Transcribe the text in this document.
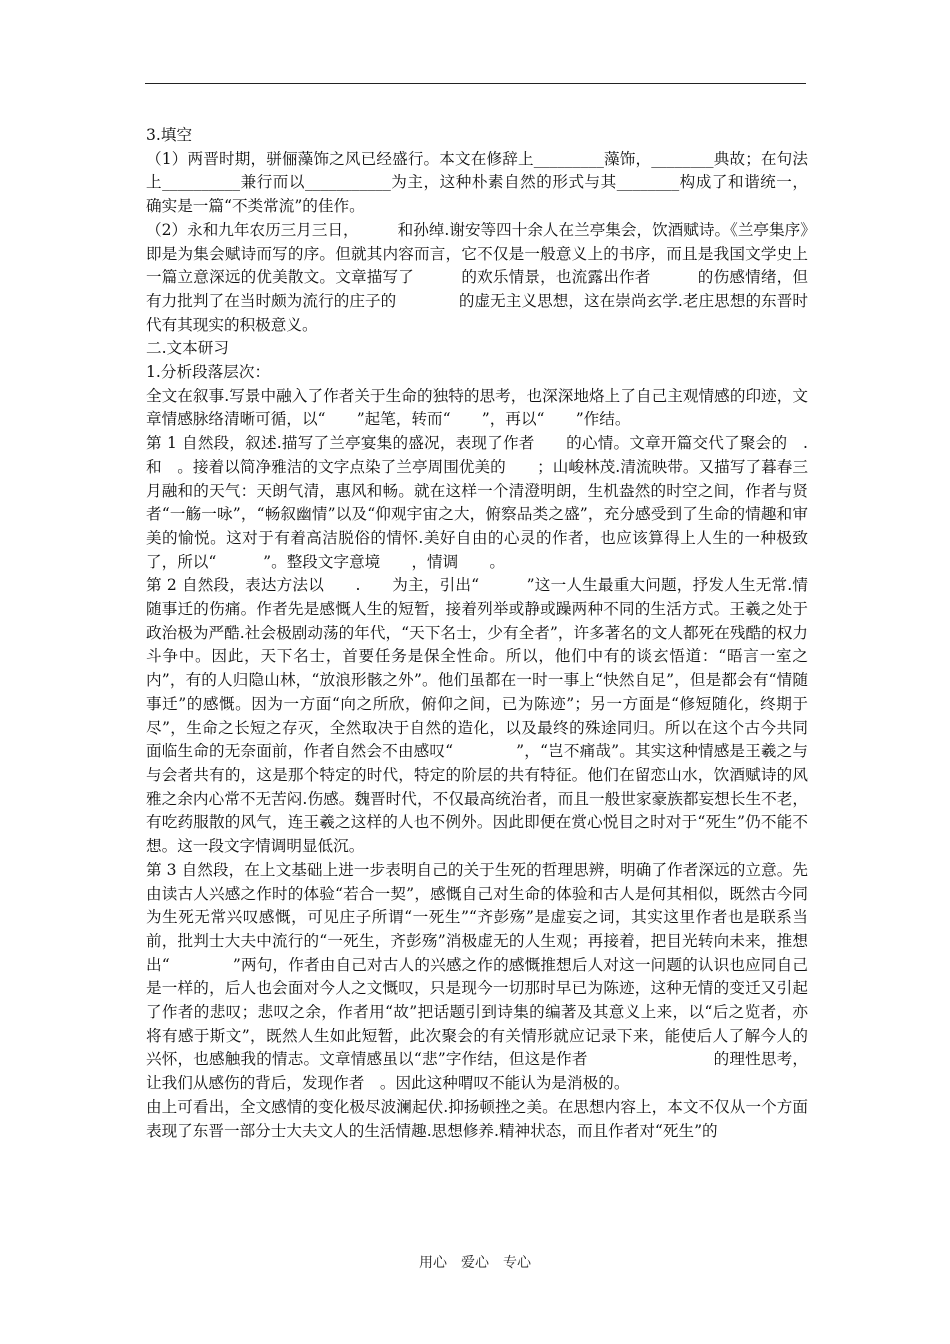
3.填空

（1）两晋时期，骈俪藻饰之风已经盛行。本文在修辞上_________藻饰，________典故；在句法上__________兼行而以___________为主，这种朴素自然的形式与其________构成了和谐统一，确实是一篇“不类常流”的佳作。

（2）永和九年农历三月三日，　　　和孙绰.谢安等四十余人在兰亭集会，饮酒赋诗。《兰亭集序》即是为集会赋诗而写的序。但就其内容而言，它不仅是一般意义上的书序，而且是我国文学史上一篇立意深远的优美散文。文章描写了　　　的欢乐情景，也流露出作者　　　的伤感情绪，但有力批判了在当时颇为流行的庄子的　　　　的虚无主义思想，这在崇尚玄学.老庄思想的东晋时代有其现实的积极意义。

二.文本研习

1.分析段落层次：

全文在叙事.写景中融入了作者关于生命的独特的思考，也深深地烙上了自己主观情感的印迹，文章情感脉络清晰可循，以“　　”起笔，转而“　　”，再以“　　”作结。

第 1 自然段，叙述.描写了兰亭宴集的盛况，表现了作者　　的心情。文章开篇交代了聚会的　.　和　。接着以简净雅洁的文字点染了兰亭周围优美的　　；山峻林茂.清流映带。又描写了暮春三月融和的天气：天朗气清，惠风和畅。就在这样一个清澄明朗，生机盎然的时空之间，作者与贤者“一觞一咏”，“畅叙幽情”以及“仰观宇宙之大，俯察品类之盛”，充分感受到了生命的情趣和审美的愉悦。这对于有着高洁脱俗的情怀.美好自由的心灵的作者，也应该算得上人生的一种极致了，所以“　　　”。整段文字意境　　，情调　　。

第 2 自然段，表达方法以　　.　　为主，引出“　　　”这一人生最重大问题，抒发人生无常.情随事迁的伤痛。作者先是感慨人生的短暂，接着列举或静或躁两种不同的生活方式。王羲之处于政治极为严酷.社会极剧动荡的年代，“天下名士，少有全者”，许多著名的文人都死在残酷的权力斗争中。因此，天下名士，首要任务是保全性命。所以，他们中有的谈玄悟道：“晤言一室之内”，有的人归隐山林，“放浪形骸之外”。他们虽都在一时一事上“快然自足”，但是都会有“情随事迁”的感慨。因为一方面“向之所欣，俯仰之间，已为陈迹”；另一方面是“修短随化，终期于尽”，生命之长短之存灭，全然取决于自然的造化，以及最终的殊途同归。所以在这个古今共同面临生命的无奈面前，作者自然会不由感叹“　　　　”，“岂不痛哉”。其实这种情感是王羲之与与会者共有的，这是那个特定的时代，特定的阶层的共有特征。他们在留恋山水，饮酒赋诗的风雅之余内心常不无苦闷.伤感。魏晋时代，不仅最高统治者，而且一般世家豪族都妄想长生不老，有吃药服散的风气，连王羲之这样的人也不例外。因此即便在赏心悦目之时对于“死生”仍不能不想。这一段文字情调明显低沉。

第 3 自然段，在上文基础上进一步表明自己的关于生死的哲理思辨，明确了作者深远的立意。先由读古人兴感之作时的体验“若合一契”，感慨自己对生命的体验和古人是何其相似，既然古今同为生死无常兴叹感慨，可见庄子所谓“一死生”“齐彭殇”是虚妄之词，其实这里作者也是联系当前，批判士大夫中流行的“一死生，齐彭殇”消极虚无的人生观；再接着，把目光转向未来，推想出“　　　　”两句，作者由自己对古人的兴感之作的感慨推想后人对这一问题的认识也应同自己是一样的，后人也会面对今人之文慨叹，只是现今一切那时早已为陈迹，这种无情的变迁又引起了作者的悲叹；悲叹之余，作者用“故”把话题引到诗集的编著及其意义上来，以“后之览者，亦将有感于斯文”，既然人生如此短暂，此次聚会的有关情形就应记录下来，能使后人了解今人的兴怀，也感触我的情志。文章情感虽以“悲”字作结，但这是作者　　　　　　　　的理性思考，让我们从感伤的背后，发现作者　。因此这种喟叹不能认为是消极的。

由上可看出，全文感情的变化极尽波澜起伏.抑扬顿挫之美。在思想内容上，本文不仅从一个方面表现了东晋一部分士大夫文人的生活情趣.思想修养.精神状态，而且作者对“死生”的

用心　爱心　专心
